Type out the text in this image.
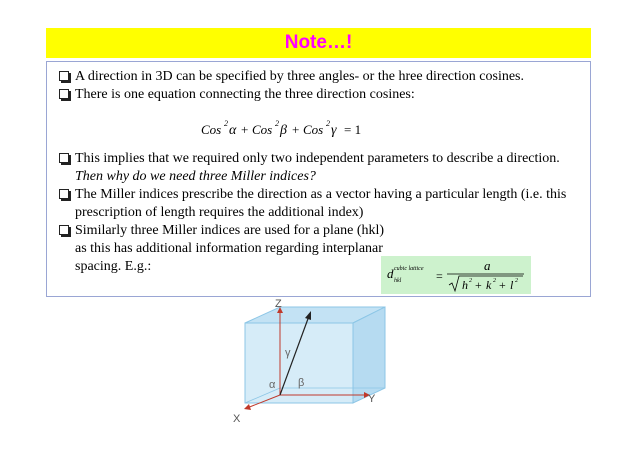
Note…!
A direction in 3D can be specified by three angles- or the hree direction cosines.
There is one equation connecting the three direction cosines:
Cos 2 α + Cos 2 β + Cos 2 γ = 1
This implies that we required only two independent parameters to describe a direction. Then why do we need three Miller indices?
The Miller indices prescribe the direction as a vector having a particular length (i.e. this prescription of length requires the additional index)
Similarly three Miller indices are used for a plane (hkl) as this has additional information regarding interplanar spacing. E.g.:	d cubic lattice
hkl	=
a
h 2 + k 2 + l 2
Z
Y
X
α β
γ
